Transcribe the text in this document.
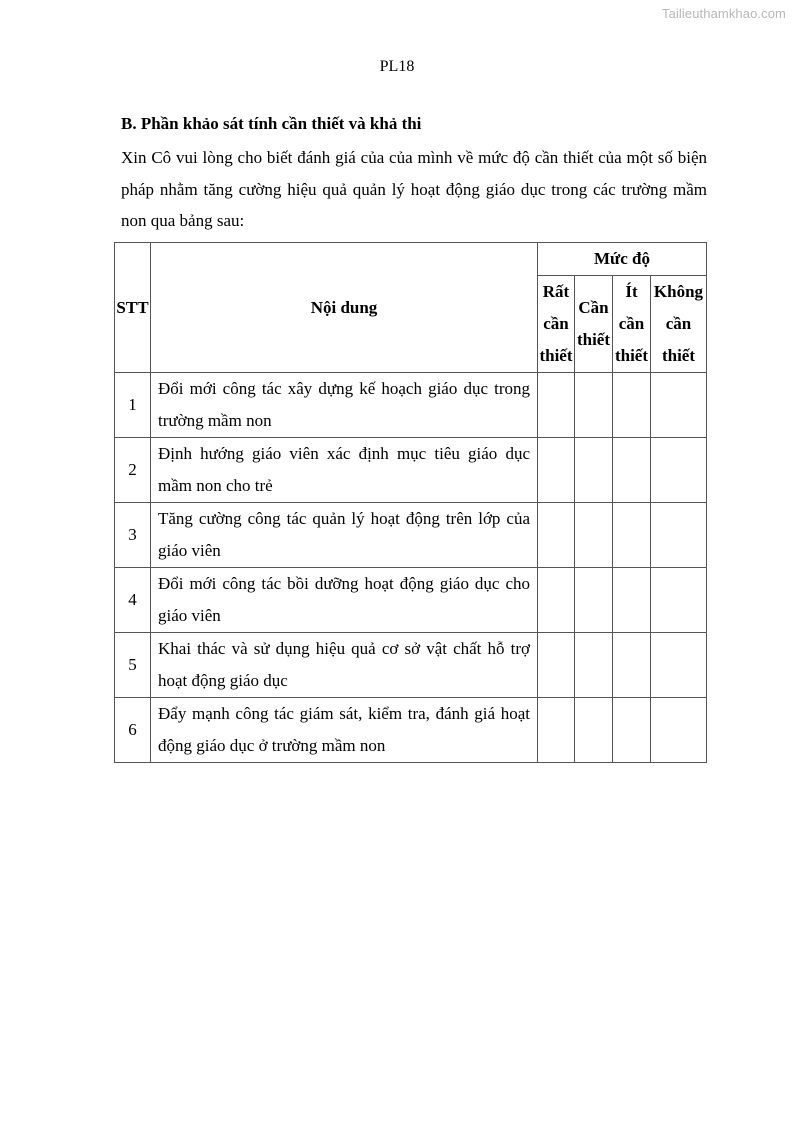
Tailieuthamkhao.com
PL18
B. Phần khảo sát tính cần thiết và khả thi
Xin Cô vui lòng cho biết đánh giá của của mình về mức độ cần thiết của một số biện pháp nhằm tăng cường hiệu quả quản lý hoạt động giáo dục trong các trường mầm non qua bảng sau:
STT	Nội dung	Mức độ			
		Rất cần thiết	Cần thiết	Ít cần thiết	Không cần thiết
1	Đổi mới công tác xây dựng kế hoạch giáo dục trong trường mầm non				
2	Định hướng giáo viên xác định mục tiêu giáo dục mầm non cho trẻ				
3	Tăng cường công tác quản lý hoạt động trên lớp của giáo viên				
4	Đổi mới công tác bồi dưỡng hoạt động giáo dục cho giáo viên				
5	Khai thác và sử dụng hiệu quả cơ sở vật chất hỗ trợ hoạt động giáo dục				
6	Đẩy mạnh công tác giám sát, kiểm tra, đánh giá hoạt động giáo dục ở trường mầm non				
